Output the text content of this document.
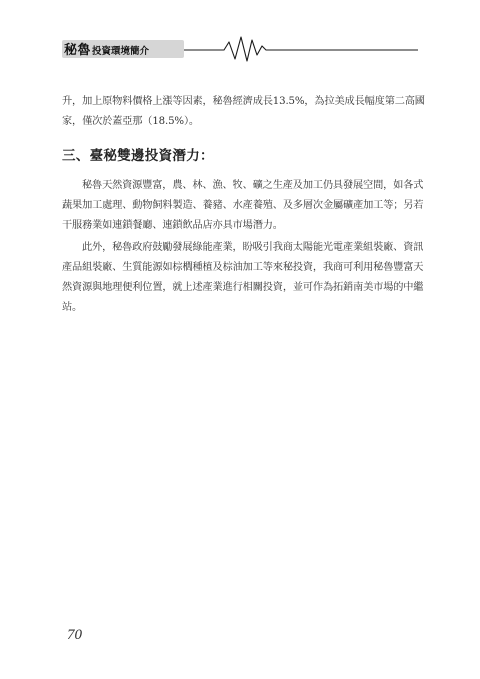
秘魯投資環境簡介
升，加上原物料價格上漲等因素，秘魯經濟成長13.5%，為拉美成長幅度第二高國
家，僅次於蓋亞那（18.5%）。
三、臺秘雙邊投資潛力：
秘魯天然資源豐富，農、林、漁、牧、礦之生產及加工仍具發展空間，如各式
蔬果加工處理、動物飼料製造、養豬、水產養殖、及多層次金屬礦產加工等；另若
干服務業如連鎖餐廳、連鎖飲品店亦具市場潛力。
此外，秘魯政府鼓勵發展綠能產業，盼吸引我商太陽能光電產業組裝廠、資訊
產品組裝廠、生質能源如棕櫚種植及棕油加工等來秘投資，我商可利用秘魯豐富天
然資源與地理便利位置，就上述產業進行相關投資，並可作為拓銷南美市場的中繼
站。
70
